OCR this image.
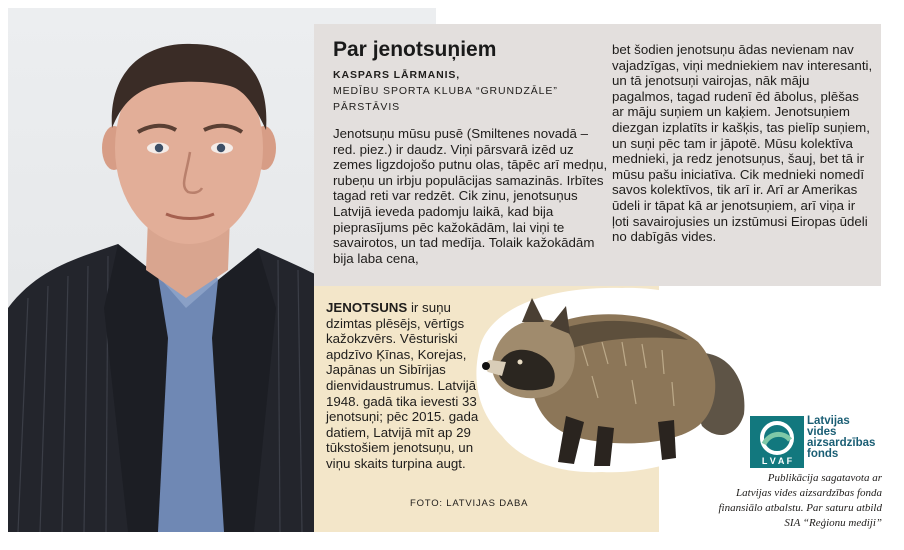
Par jenotsuņiem
KASPARS LĀRMANIS,
MEDĪBU SPORTA KLUBA “GRUNDZĀLE”
PĀRSTĀVIS

Jenotsuņu mūsu pusē (Smiltenes novadā – red. piez.) ir daudz. Viņi pārsvarā izēd uz zemes ligzdojošo putnu olas, tāpēc arī medņu, rubeņu un irbju populācijas samazinās. Irbītes tagad reti var redzēt. Cik zinu, jenotsuņus Latvijā ieveda padomju laikā, kad bija pieprasījums pēc kažokādām, lai viņi te savairotos, un tad medīja. Tolaik kažokādām bija laba cena,

bet šodien jenotsuņu ādas nevienam nav vajadzīgas, viņi medniekiem nav interesanti, un tā jenotsuņi vairojas, nāk māju pagalmos, tagad rudenī ēd ābolus, plēšas ar māju suņiem un kaķiem. Jenotsuņiem diezgan izplatīts ir kašķis, tas pielīp suņiem, un suņi pēc tam ir jāpotē. Mūsu kolektīva mednieki, ja redz jenotsuņus, šauj, bet tā ir mūsu pašu iniciatīva. Cik mednieki nomedī savos kolektīvos, tik arī ir. Arī ar Amerikas ūdeli ir tāpat kā ar jenotsuņiem, arī viņa ir ļoti savairojusies un izstūmusi Eiropas ūdeli no dabīgās vides.

JENOTSUNS ir suņu dzimtas plēsējs, vērtīgs kažokzvērs. Vēsturiski apdzīvo Ķīnas, Korejas, Japānas un Sibīrijas dienvidaustrumus. Latvijā 1948. gadā tika ievesti 33 jenotsuņi; pēc 2015. gada datiem, Latvijā mīt ap 29 tūkstošiem jenotsuņu, un viņu skaits turpina augt.

FOTO: LATVIJAS DABA
L V A F
Latvijas
vides
aizsardzības
fonds
Publikācija sagatavota ar
Latvijas vides aizsardzības fonda
finansiālo atbalstu. Par saturu atbild
SIA “Reģionu mediji”
